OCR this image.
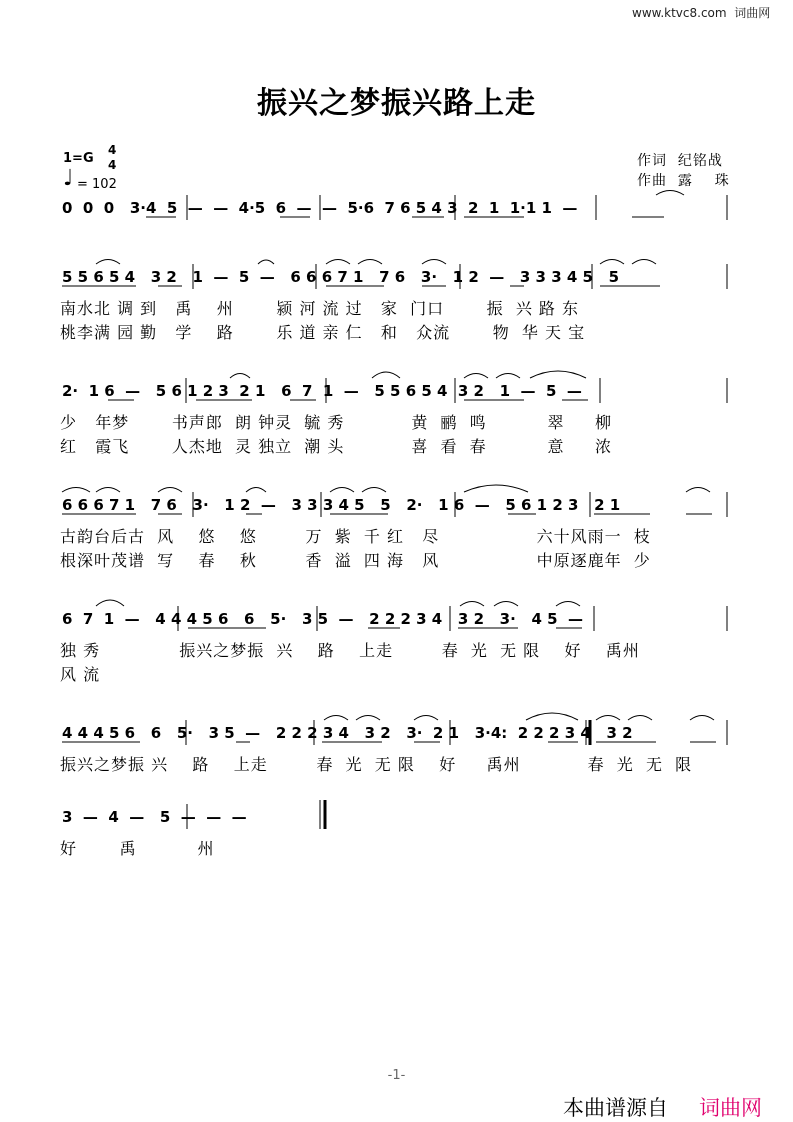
www.ktvc8.com  词曲网
振兴之梦振兴路上走
1=G
4
4
♩ = 102
作词  纪铭战
作曲  露    珠
0  0  0   3·4  5  —  —  4·5  6  —  —  5·6  7 6 5 4 3  2  1  1·1 1  —
5 5 6 5 4   3 2   1  —  5  —   6 6 6 7 1   7 6   3·   1 2  —   3 3 3 4 5   5
南水北 调 到   禹    州       颍 河 流 过   家  门口       振  兴 路 东
桃李满 园 勤   学    路       乐 道 亲 仁   和   众流       物  华 天 宝
2·  1 6  —   5 6 1 2 3  2 1   6  7  1  —   5 5 6 5 4  3 2   1  —  5  —
少   年梦       书声郎  朗 钟灵  毓 秀           黄  鹂  鸣          翠     柳
红   霞飞       人杰地  灵 独立  潮 头           喜  看  春          意     浓
6 6 6 7 1   7 6   3·   1 2  —   3 3 3 4 5   5   2·   1 6  —   5 6 1 2 3   2 1
古韵台后古  风    悠    悠        万  紫  千 红   尽                六十风雨一  枝
根深叶茂谱  写    春    秋        香  溢  四 海   风                中原逐鹿年  少
6  7  1  —   4 4 4 5 6   6   5·   3 5  —   2 2 2 3 4   3 2   3·   4 5  —
独 秀             振兴之梦振  兴    路    上走        春  光  无 限    好    禹州
风 流
4 4 4 5 6   6   5·   3 5  —   2 2 2 3 4   3 2   3·  2 1   3·4:  2 2 2 3 4   3 2
振兴之梦振 兴    路    上走        春  光  无 限    好     禹州           春  光  无  限
3  —  4  —   5  —  —  —
好       禹          州
-1-
本曲谱源自 词曲网
